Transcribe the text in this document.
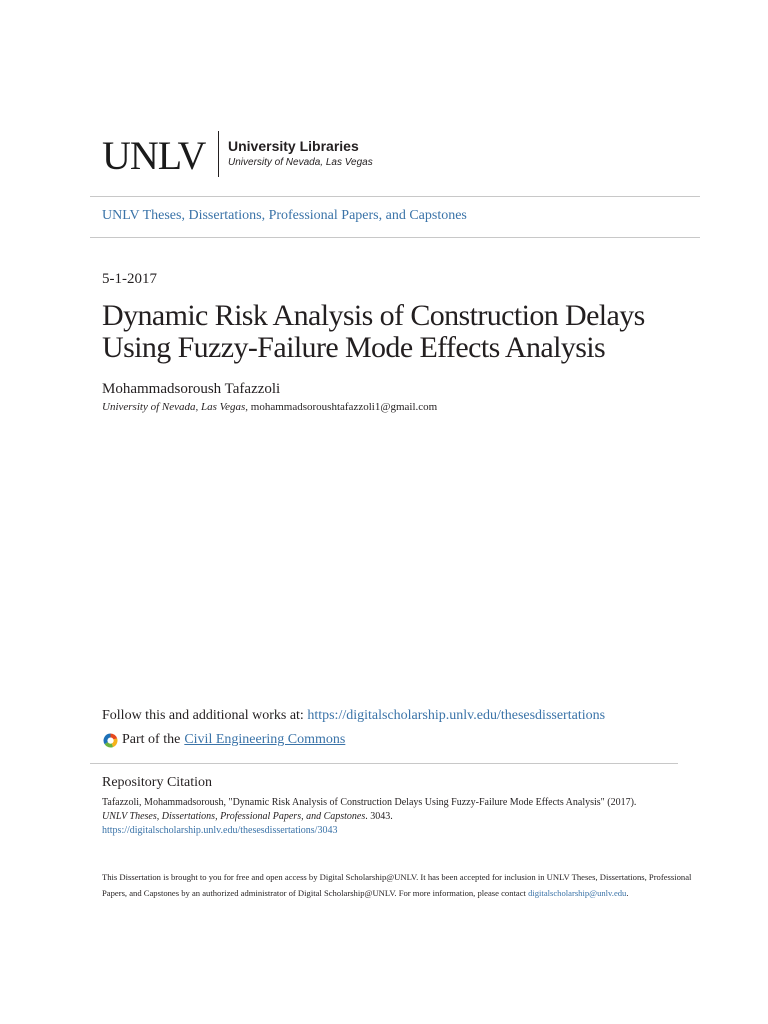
UNLV University Libraries
University of Nevada, Las Vegas
UNLV Theses, Dissertations, Professional Papers, and Capstones
5-1-2017
Dynamic Risk Analysis of Construction Delays
Using Fuzzy-Failure Mode Effects Analysis
Mohammadsoroush Tafazzoli
University of Nevada, Las Vegas, mohammadsoroushtafazzoli1@gmail.com
Follow this and additional works at: https://digitalscholarship.unlv.edu/thesesdissertations
Part of the Civil Engineering Commons
Repository Citation
Tafazzoli, Mohammadsoroush, "Dynamic Risk Analysis of Construction Delays Using Fuzzy-Failure Mode Effects Analysis" (2017).
UNLV Theses, Dissertations, Professional Papers, and Capstones. 3043.
https://digitalscholarship.unlv.edu/thesesdissertations/3043
This Dissertation is brought to you for free and open access by Digital Scholarship@UNLV. It has been accepted for inclusion in UNLV Theses, Dissertations, Professional Papers, and Capstones by an authorized administrator of Digital Scholarship@UNLV. For more information, please contact digitalscholarship@unlv.edu.
